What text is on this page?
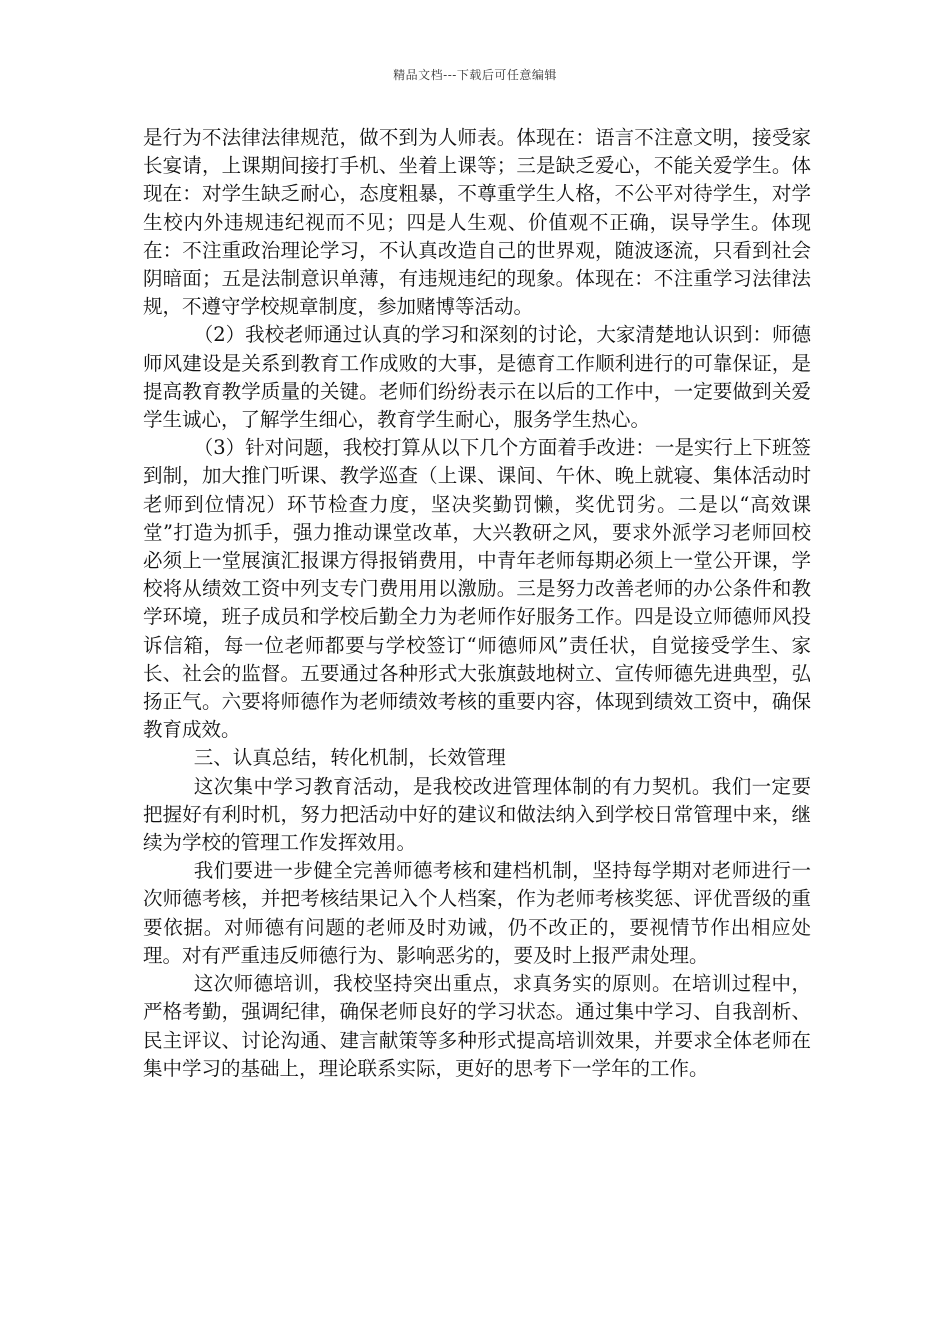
精品文档---下载后可任意编辑

是行为不法律法律规范，做不到为人师表。体现在：语言不注意文明，接受家长宴请，上课期间接打手机、坐着上课等；三是缺乏爱心，不能关爱学生。体现在：对学生缺乏耐心，态度粗暴，不尊重学生人格，不公平对待学生，对学生校内外违规违纪视而不见；四是人生观、价值观不正确，误导学生。体现在：不注重政治理论学习，不认真改造自己的世界观，随波逐流，只看到社会阴暗面；五是法制意识单薄，有违规违纪的现象。体现在：不注重学习法律法规，不遵守学校规章制度，参加赌博等活动。

（2）我校老师通过认真的学习和深刻的讨论，大家清楚地认识到：师德师风建设是关系到教育工作成败的大事，是德育工作顺利进行的可靠保证，是提高教育教学质量的关键。老师们纷纷表示在以后的工作中，一定要做到关爱学生诚心，了解学生细心，教育学生耐心，服务学生热心。

（3）针对问题，我校打算从以下几个方面着手改进：一是实行上下班签到制，加大推门听课、教学巡查（上课、课间、午休、晚上就寝、集体活动时老师到位情况）环节检查力度，坚决奖勤罚懒，奖优罚劣。二是以“高效课堂”打造为抓手，强力推动课堂改革，大兴教研之风，要求外派学习老师回校必须上一堂展演汇报课方得报销费用，中青年老师每期必须上一堂公开课，学校将从绩效工资中列支专门费用用以激励。三是努力改善老师的办公条件和教学环境，班子成员和学校后勤全力为老师作好服务工作。四是设立师德师风投诉信箱，每一位老师都要与学校签订“师德师风”责任状，自觉接受学生、家长、社会的监督。五要通过各种形式大张旗鼓地树立、宣传师德先进典型，弘扬正气。六要将师德作为老师绩效考核的重要内容，体现到绩效工资中，确保教育成效。

三、认真总结，转化机制，长效管理

这次集中学习教育活动，是我校改进管理体制的有力契机。我们一定要把握好有利时机，努力把活动中好的建议和做法纳入到学校日常管理中来，继续为学校的管理工作发挥效用。

我们要进一步健全完善师德考核和建档机制，坚持每学期对老师进行一次师德考核，并把考核结果记入个人档案，作为老师考核奖惩、评优晋级的重要依据。对师德有问题的老师及时劝诫，仍不改正的，要视情节作出相应处理。对有严重违反师德行为、影响恶劣的，要及时上报严肃处理。

这次师德培训，我校坚持突出重点，求真务实的原则。在培训过程中，严格考勤，强调纪律，确保老师良好的学习状态。通过集中学习、自我剖析、民主评议、讨论沟通、建言献策等多种形式提高培训效果，并要求全体老师在集中学习的基础上，理论联系实际，更好的思考下一学年的工作。
